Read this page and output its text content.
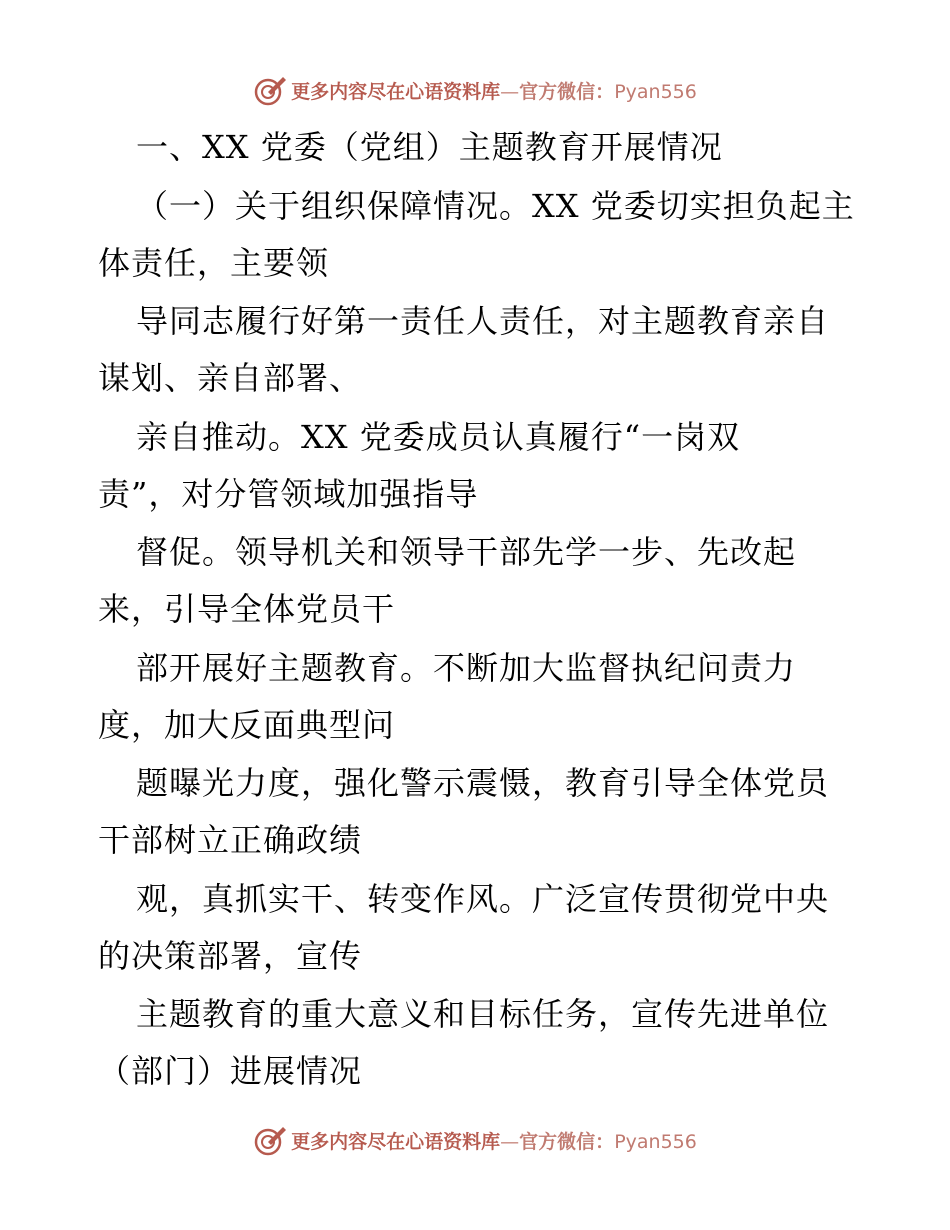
更多内容尽在心语资料库—官方微信：Pyan556
一、XX 党委（党组）主题教育开展情况
（一）关于组织保障情况。XX 党委切实担负起主
体责任，主要领
导同志履行好第一责任人责任，对主题教育亲自
谋划、亲自部署、
亲自推动。XX 党委成员认真履行“一岗双
责”，对分管领域加强指导
督促。领导机关和领导干部先学一步、先改起
来，引导全体党员干
部开展好主题教育。不断加大监督执纪问责力
度，加大反面典型问
题曝光力度，强化警示震慑，教育引导全体党员
干部树立正确政绩
观，真抓实干、转变作风。广泛宣传贯彻党中央
的决策部署，宣传
主题教育的重大意义和目标任务，宣传先进单位
（部门）进展情况
更多内容尽在心语资料库—官方微信：Pyan556
